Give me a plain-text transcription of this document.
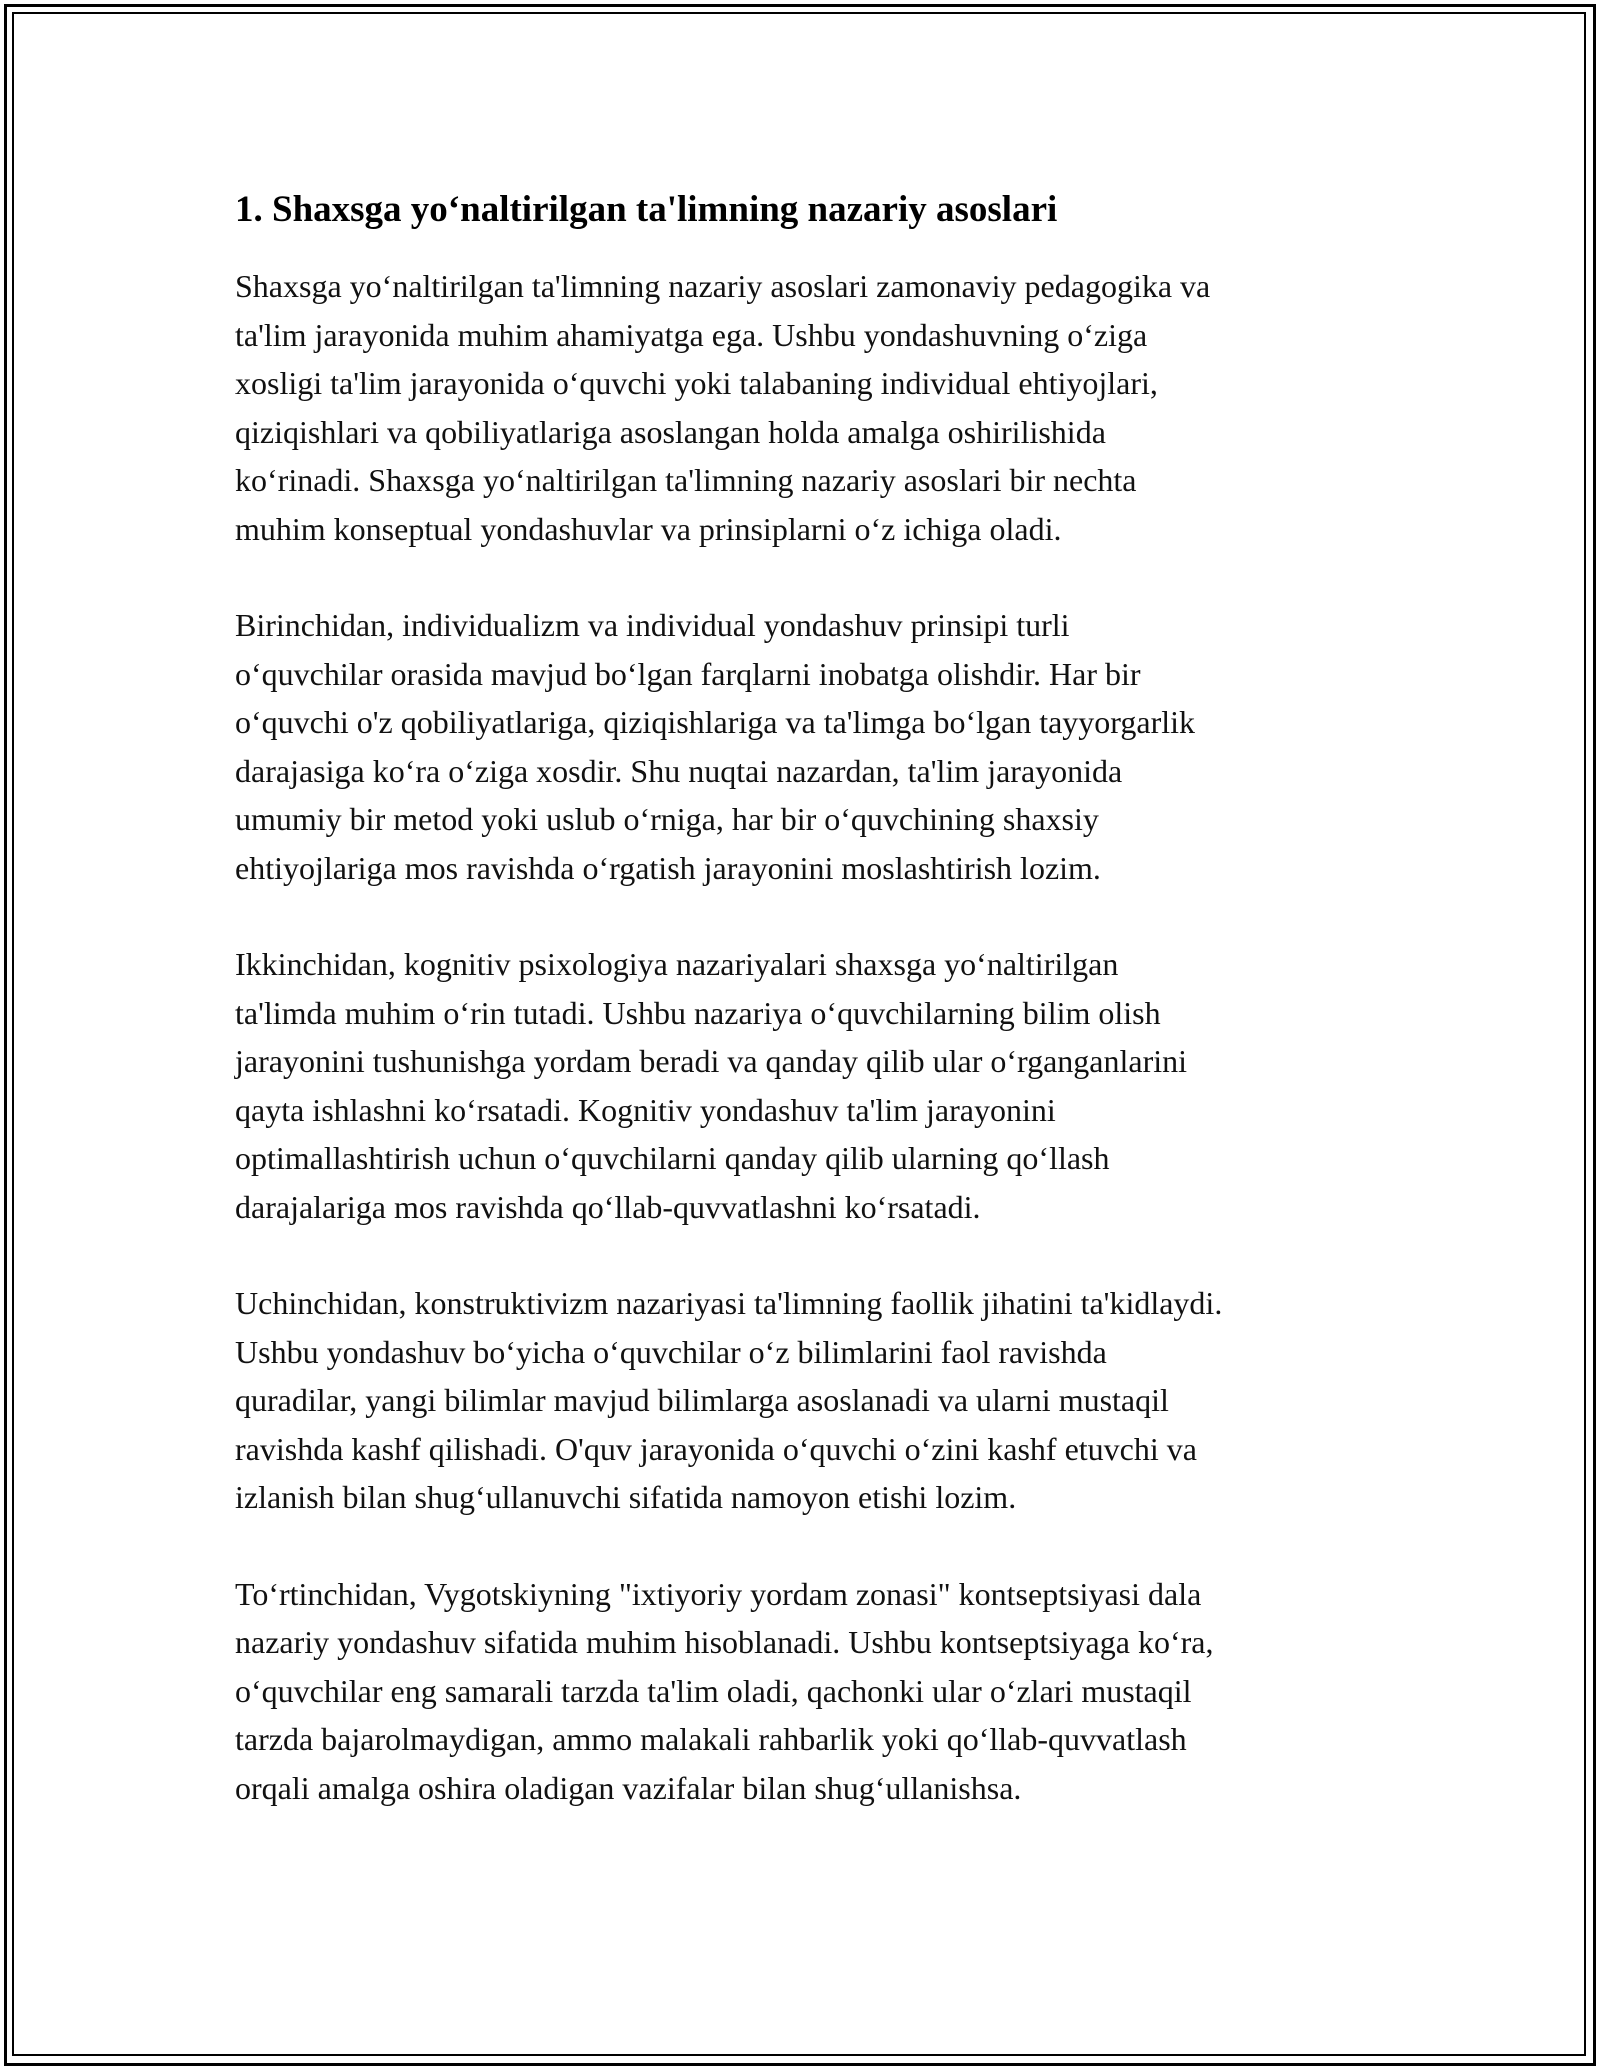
1. Shaxsga yo‘naltirilgan ta'limning nazariy asoslari

Shaxsga yo‘naltirilgan ta'limning nazariy asoslari zamonaviy pedagogika va
ta'lim jarayonida muhim ahamiyatga ega. Ushbu yondashuvning o‘ziga
xosligi ta'lim jarayonida o‘quvchi yoki talabaning individual ehtiyojlari,
qiziqishlari va qobiliyatlariga asoslangan holda amalga oshirilishida
ko‘rinadi. Shaxsga yo‘naltirilgan ta'limning nazariy asoslari bir nechta
muhim konseptual yondashuvlar va prinsiplarni o‘z ichiga oladi.

Birinchidan, individualizm va individual yondashuv prinsipi turli
o‘quvchilar orasida mavjud bo‘lgan farqlarni inobatga olishdir. Har bir
o‘quvchi o'z qobiliyatlariga, qiziqishlariga va ta'limga bo‘lgan tayyorgarlik
darajasiga ko‘ra o‘ziga xosdir. Shu nuqtai nazardan, ta'lim jarayonida
umumiy bir metod yoki uslub o‘rniga, har bir o‘quvchining shaxsiy
ehtiyojlariga mos ravishda o‘rgatish jarayonini moslashtirish lozim.

Ikkinchidan, kognitiv psixologiya nazariyalari shaxsga yo‘naltirilgan
ta'limda muhim o‘rin tutadi. Ushbu nazariya o‘quvchilarning bilim olish
jarayonini tushunishga yordam beradi va qanday qilib ular o‘rganganlarini
qayta ishlashni ko‘rsatadi. Kognitiv yondashuv ta'lim jarayonini
optimallashtirish uchun o‘quvchilarni qanday qilib ularning qo‘llash
darajalariga mos ravishda qo‘llab-quvvatlashni ko‘rsatadi.

Uchinchidan, konstruktivizm nazariyasi ta'limning faollik jihatini ta'kidlaydi.
Ushbu yondashuv bo‘yicha o‘quvchilar o‘z bilimlarini faol ravishda
quradilar, yangi bilimlar mavjud bilimlarga asoslanadi va ularni mustaqil
ravishda kashf qilishadi. O'quv jarayonida o‘quvchi o‘zini kashf etuvchi va
izlanish bilan shug‘ullanuvchi sifatida namoyon etishi lozim.

To‘rtinchidan, Vygotskiyning "ixtiyoriy yordam zonasi" kontseptsiyasi dala
nazariy yondashuv sifatida muhim hisoblanadi. Ushbu kontseptsiyaga ko‘ra,
o‘quvchilar eng samarali tarzda ta'lim oladi, qachonki ular o‘zlari mustaqil
tarzda bajarolmaydigan, ammo malakali rahbarlik yoki qo‘llab-quvvatlash
orqali amalga oshira oladigan vazifalar bilan shug‘ullanishsa.
